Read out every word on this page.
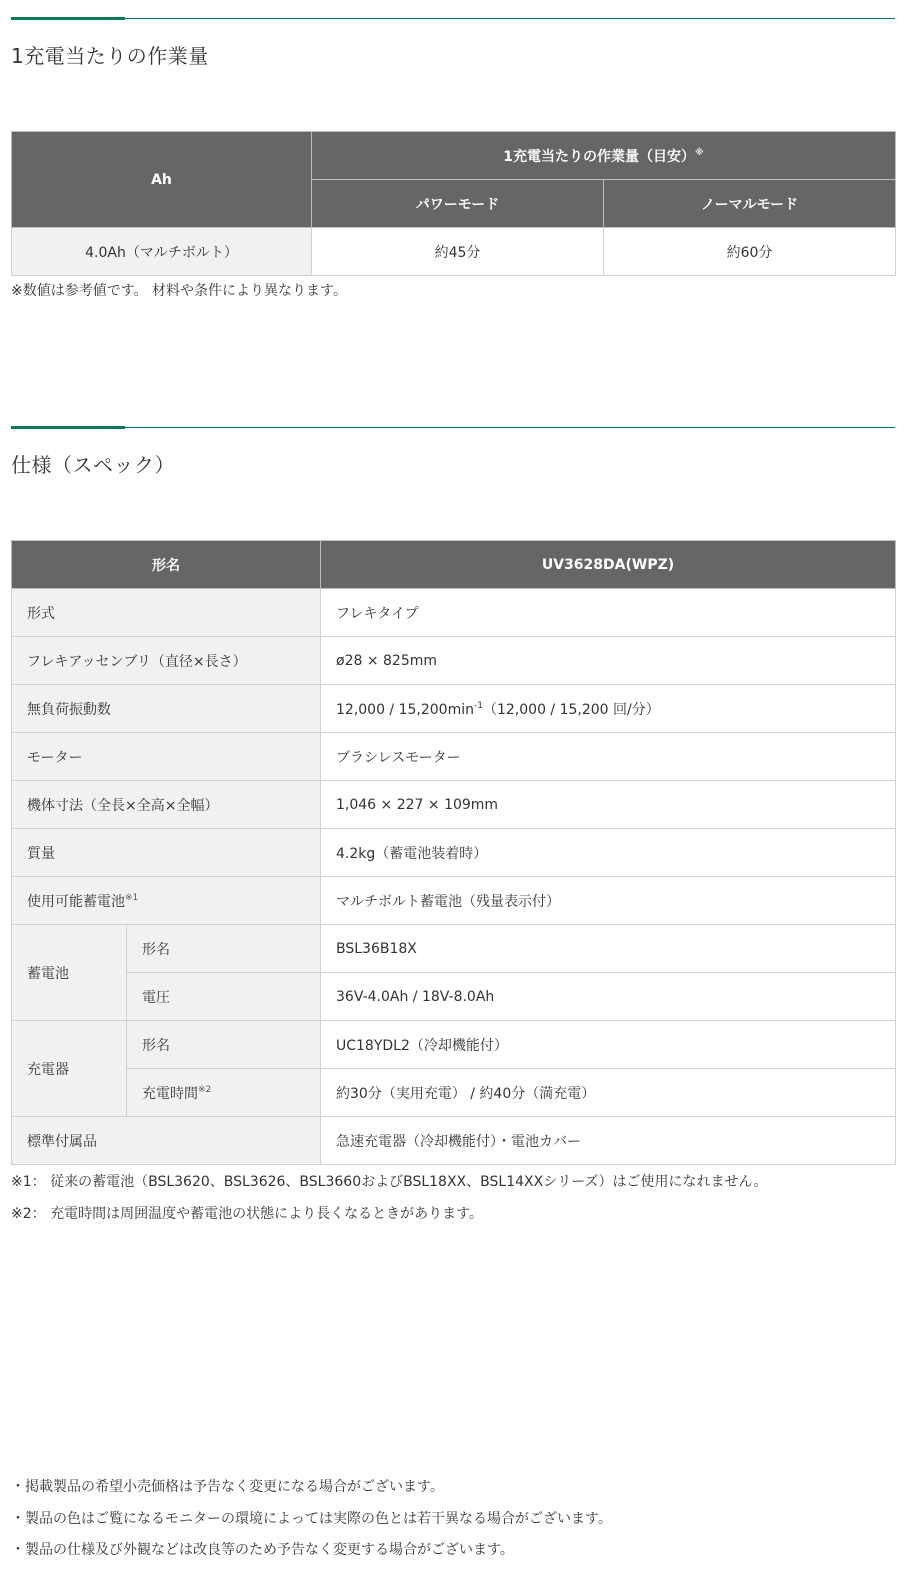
1充電当たりの作業量
Ah	1充電当たりの作業量（目安）※
	パワーモード	ノーマルモード
4.0Ah（マルチボルト）	約45分	約60分
※数値は参考値です。 材料や条件により異なります。
仕様（スペック）
形名		UV3628DA(WPZ)
形式		フレキタイプ
フレキアッセンブリ（直径×長さ）		ø28 × 825mm
無負荷振動数		$12,000 / 15,200\min^{-1}(12,000 / 15,200$ 回/分）
モーター		ブラシレスモーター
機体寸法（全長×全高×全幅）		1,046 × 227 × 109mm
質量		4.2kg（蓄電池装着時）
使用可能蓄電池$^{※1}$		マルチボルト蓄電池（残量表示付）
蓄電池	形名	BSL36B18X
	電圧	36V-4.0Ah / 18V-8.0Ah
充電器	形名	UC18YDL2（冷却機能付）
	充電時間$^{※2}$	約30分（実用充電） / 約40分（満充電）
標準付属品		急速充電器（冷却機能付）・電池カバー
※1： 従来の蓄電池（BSL3620、BSL3626、BSL3660およびBSL18XX、BSL14XXシリーズ）はご使用になれません。
※2： 充電時間は周囲温度や蓄電池の状態により長くなるときがあります。
・掲載製品の希望小売価格は予告なく変更になる場合がございます。
・製品の色はご覧になるモニターの環境によっては実際の色とは若干異なる場合がございます。
・製品の仕様及び外観などは改良等のため予告なく変更する場合がございます。
